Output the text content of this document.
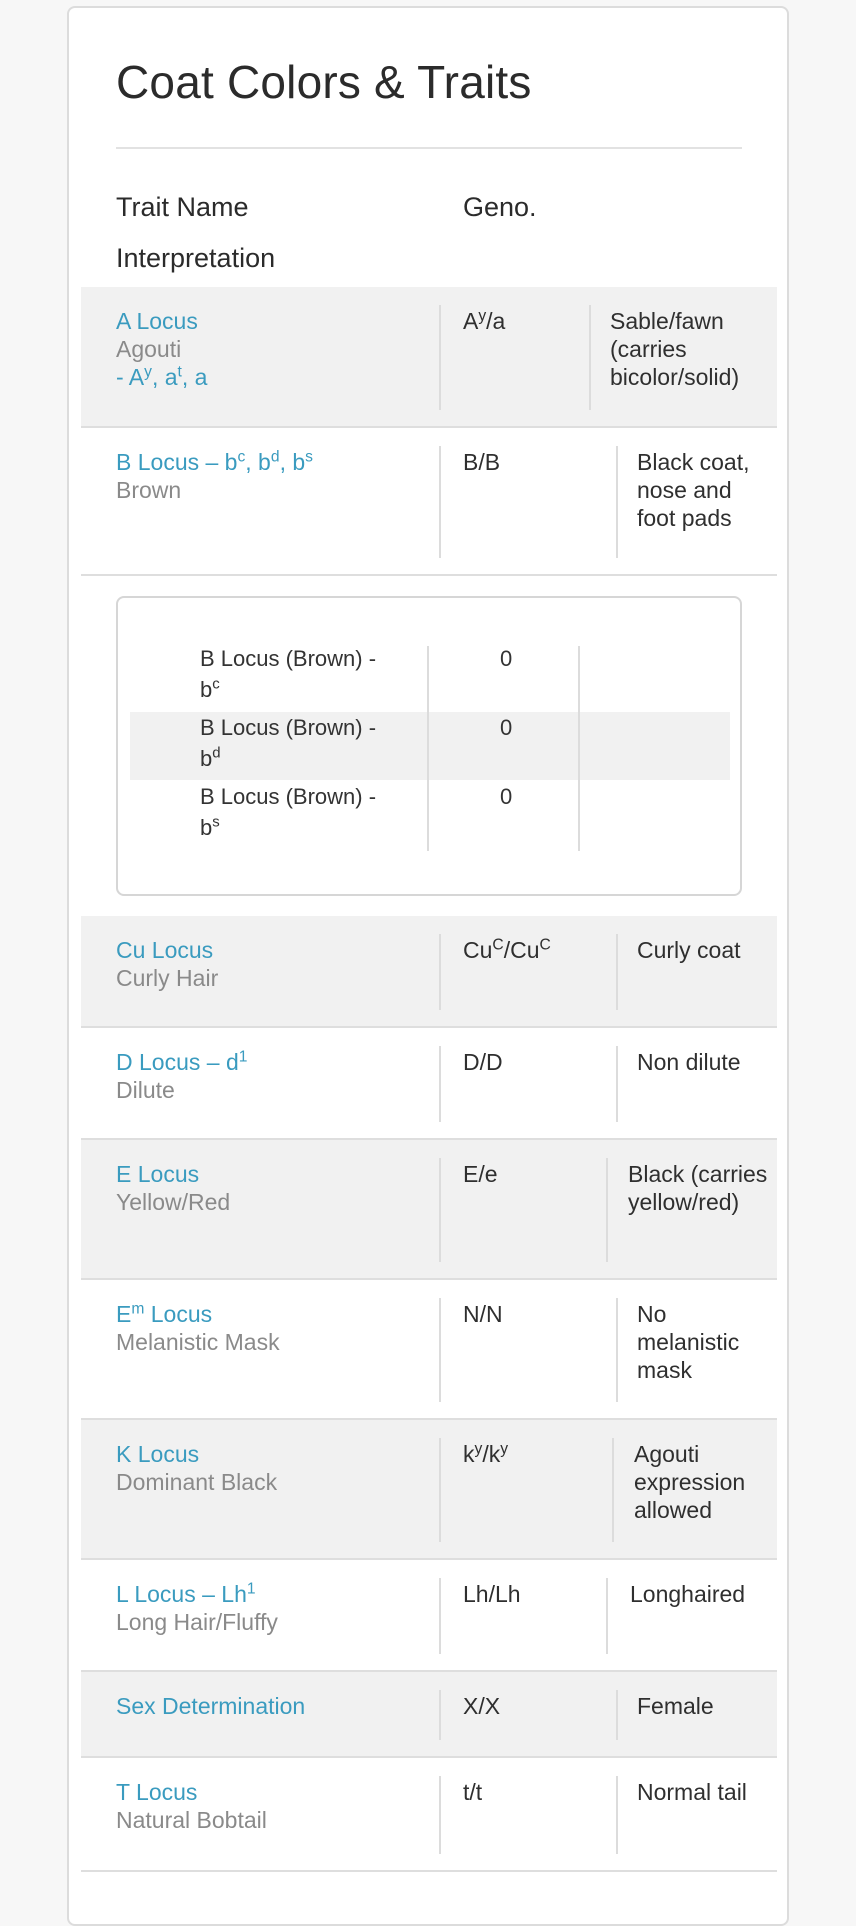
Coat Colors & Traits
Trait Name	Geno.
Interpretation
A Locus
Agouti
- $A^y$, $a^t$, a
$A^y/a$	Sable/fawn (carries bicolor/solid)
B Locus – $b^c$, $b^d$, $b^s$
Brown
B/B	Black coat, nose and foot pads
Cu Locus
Curly Hair
$Cu^C/Cu^C$	Curly coat
D Locus – $d^1$
Dilute
D/D	Non dilute
E Locus
Yellow/Red
E/e	Black (carries yellow/red)
$E^m$ Locus
Melanistic Mask
N/N	No melanistic mask
K Locus
Dominant Black
$k^y/k^y$	Agouti expression allowed
L Locus – Lh$^1$
Long Hair/Fluffy
Lh/Lh	Longhaired
Sex Determination	X/X	Female
T Locus
Natural Bobtail
t/t	Normal tail
B Locus (Brown) - $b^c$
0
B Locus (Brown) - $b^d$
0
B Locus (Brown) - $b^s$
0
